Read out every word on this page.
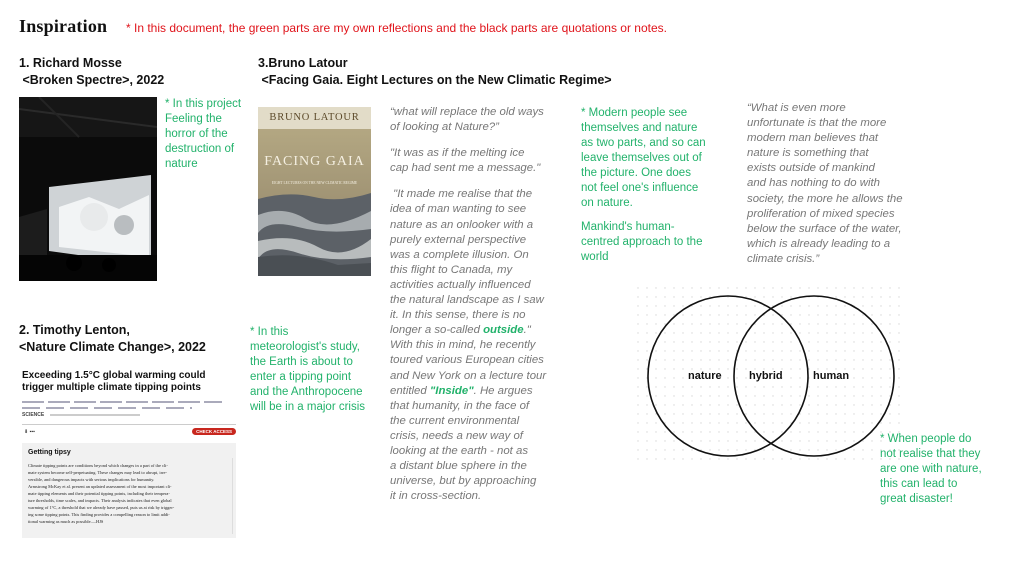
Inspiration * In this document, the green parts are my own reflections and the black parts are quotations or notes.
1. Richard Mosse
<Broken Spectre>, 2022
* In this project
Feeling the
horror of the
destruction of
nature
2. Timothy Lenton,
<Nature Climate Change>, 2022
Exceeding 1.5°C global warming could trigger multiple climate tipping points
SCIENCE
⬇ ▪▪▪	CHECK ACCESS
Getting tipsy
Climate tipping points are conditions beyond which changes in a part of the cli-
mate system become self-perpetuating. These changes may lead to abrupt, irre-
versible, and dangerous impacts with serious implications for humanity.
Armstrong McKay et al. present an updated assessment of the most important cli-
mate tipping elements and their potential tipping points, including their tempera-
ture thresholds, time scales, and impacts. Their analysis indicates that even global
warming of 1°C, a threshold that we already have passed, puts us at risk by trigger-
ing some tipping points. This finding provides a compelling reason to limit addi-
tional warming as much as possible.—HJS
* In this
meteorologist's study,
the Earth is about to
enter a tipping point
and the Anthropocene
will be in a major crisis
3.Bruno Latour
<Facing Gaia. Eight Lectures on the New Climatic Regime>
BRUNO LATOUR
FACING GAIA
EIGHT LECTURES ON THE NEW CLIMATIC REGIME
“what will replace the old ways
of looking at Nature?”
"It was as if the melting ice
cap had sent me a message."
"It made me realise that the
idea of man wanting to see
nature as an onlooker with a
purely external perspective
was a complete illusion. On
this flight to Canada, my
activities actually influenced
the natural landscape as I saw
it. In this sense, there is no
longer a so-called outside."
With this in mind, he recently
toured various European cities
and New York on a lecture tour
entitled "Inside". He argues
that humanity, in the face of
the current environmental
crisis, needs a new way of
looking at the earth - not as
a distant blue sphere in the
universe, but by approaching
it in cross-section.
* Modern people see
themselves and nature
as two parts, and so can
leave themselves out of
the picture. One does
not feel one's influence
on nature.
Mankind's human-
centred approach to the
world
“What is even more
unfortunate is that the more
modern man believes that
nature is something that
exists outside of mankind
and has nothing to do with
society, the more he allows the
proliferation of mixed species
below the surface of the water,
which is already leading to a
climate crisis.”
nature hybrid	human
* When people do
not realise that they
are one with nature,
this can lead to
great disaster!
